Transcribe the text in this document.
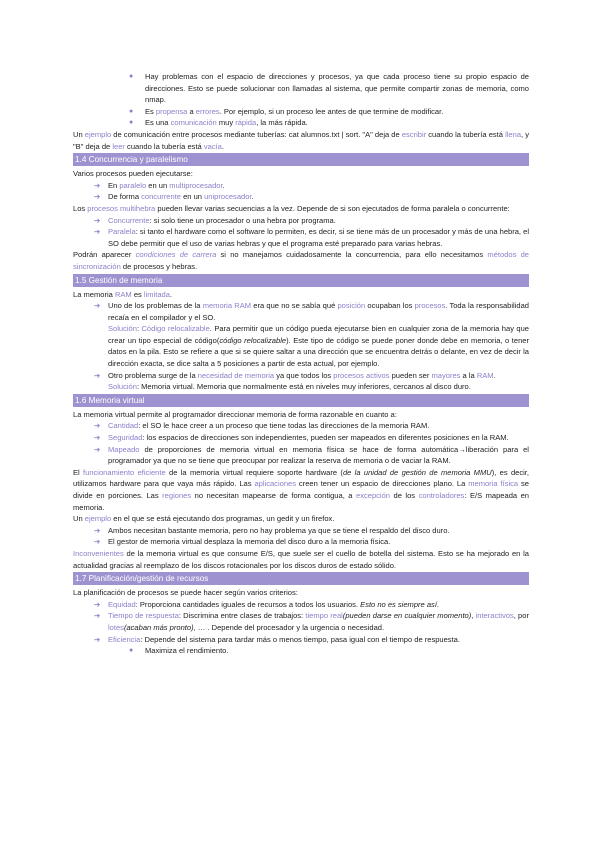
● Hay problemas con el espacio de direcciones y procesos, ya que cada proceso tiene su propio espacio de direcciones. Esto se puede solucionar con llamadas al sistema, que permite compartir zonas de memoria, como nmap.
● Es propensa a errores. Por ejemplo, si un proceso lee antes de que termine de modificar.
● Es una comunicación muy rápida, la más rápida.

Un ejemplo de comunicación entre procesos mediante tuberías: cat alumnos.txt | sort. "A" deja de escribir cuando la tubería está llena, y "B" deja de leer cuando la tubería está vacía.

1.4 Concurrencia y paralelismo

Varios procesos pueden ejecutarse:

➔ En paralelo en un multiprocesador.
➔ De forma concurrente en un uniprocesador.

Los procesos multihebra pueden llevar varias secuencias a la vez. Depende de si son ejecutados de forma paralela o concurrente:

➔ Concurrente: si solo tiene un procesador o una hebra por programa.
➔ Paralela: si tanto el hardware como el software lo permiten, es decir, si se tiene más de un procesador y más de una hebra, el SO debe permitir que el uso de varias hebras y que el programa esté preparado para varias hebras.

Podrán aparecer condiciones de carrera si no manejamos cuidadosamente la concurrencia, para ello necesitamos métodos de sincronización de procesos y hebras.

1.5 Gestión de memoria

La memoria RAM es limitada.

➔ Uno de los problemas de la memoria RAM era que no se sabía qué posición ocupaban los procesos. Toda la responsabilidad recaía en el compilador y el SO.
Solución: Código relocalizable. Para permitir que un código pueda ejecutarse bien en cualquier zona de la memoria hay que crear un tipo especial de código(código relocalizable). Este tipo de código se puede poner donde debe en memoria, o tener datos en la pila. Esto se refiere a que si se quiere saltar a una dirección que se encuentra detrás o delante, en vez de decir la dirección exacta, se dice salta a 5 posiciones a partir de esta actual, por ejemplo.
➔ Otro problema surge de la necesidad de memoria ya que todos los procesos activos pueden ser mayores a la RAM.
Solución: Memoria virtual. Memoria que normalmente está en niveles muy inferiores, cercanos al disco duro.
1.6 Memoria virtual

La memoria virtual permite al programador direccionar memoria de forma razonable en cuanto a:

➔ Cantidad: el SO le hace creer a un proceso que tiene todas las direcciones de la memoria RAM.
➔ Seguridad: los espacios de direcciones son independientes, pueden ser mapeados en diferentes posiciones en la RAM.
➔ Mapeado de proporciones de memoria virtual en memoria física se hace de forma automática→liberación para el programador ya que no se tiene que preocupar por realizar la reserva de memoria o de vaciar la RAM.

El funcionamiento eficiente de la memoria virtual requiere soporte hardware (de la unidad de gestión de memoria MMU), es decir, utilizamos hardware para que vaya más rápido. Las aplicaciones creen tener un espacio de direcciones plano. La memoria física se divide en porciones. Las regiones no necesitan mapearse de forma contigua, a excepción de los controladores: E/S mapeada en memoria.

Un ejemplo en el que se está ejecutando dos programas, un gedit y un firefox.

➔ Ambos necesitan bastante memoria, pero no hay problema ya que se tiene el respaldo del disco duro.
➔ El gestor de memoria virtual desplaza la memoria del disco duro a la memoria física.

Inconvenientes de la memoria virtual es que consume E/S, que suele ser el cuello de botella del sistema. Esto se ha mejorado en la actualidad gracias al reemplazo de los discos rotacionales por los discos duros de estado sólido.

1.7 Planificación/gestión de recursos

La planificación de procesos se puede hacer según varios criterios:

➔ Equidad: Proporciona cantidades iguales de recursos a todos los usuarios. Esto no es siempre así.
➔ Tiempo de respuesta: Discrimina entre clases de trabajos: tiempo real(pueden darse en cualquier momento), interactivos, por lotes(acaban más pronto), … . Depende del procesador y la urgencia o necesidad.
➔ Eficiencia: Depende del sistema para tardar más o menos tiempo, pasa igual con el tiempo de respuesta.
● Maximiza el rendimiento.
